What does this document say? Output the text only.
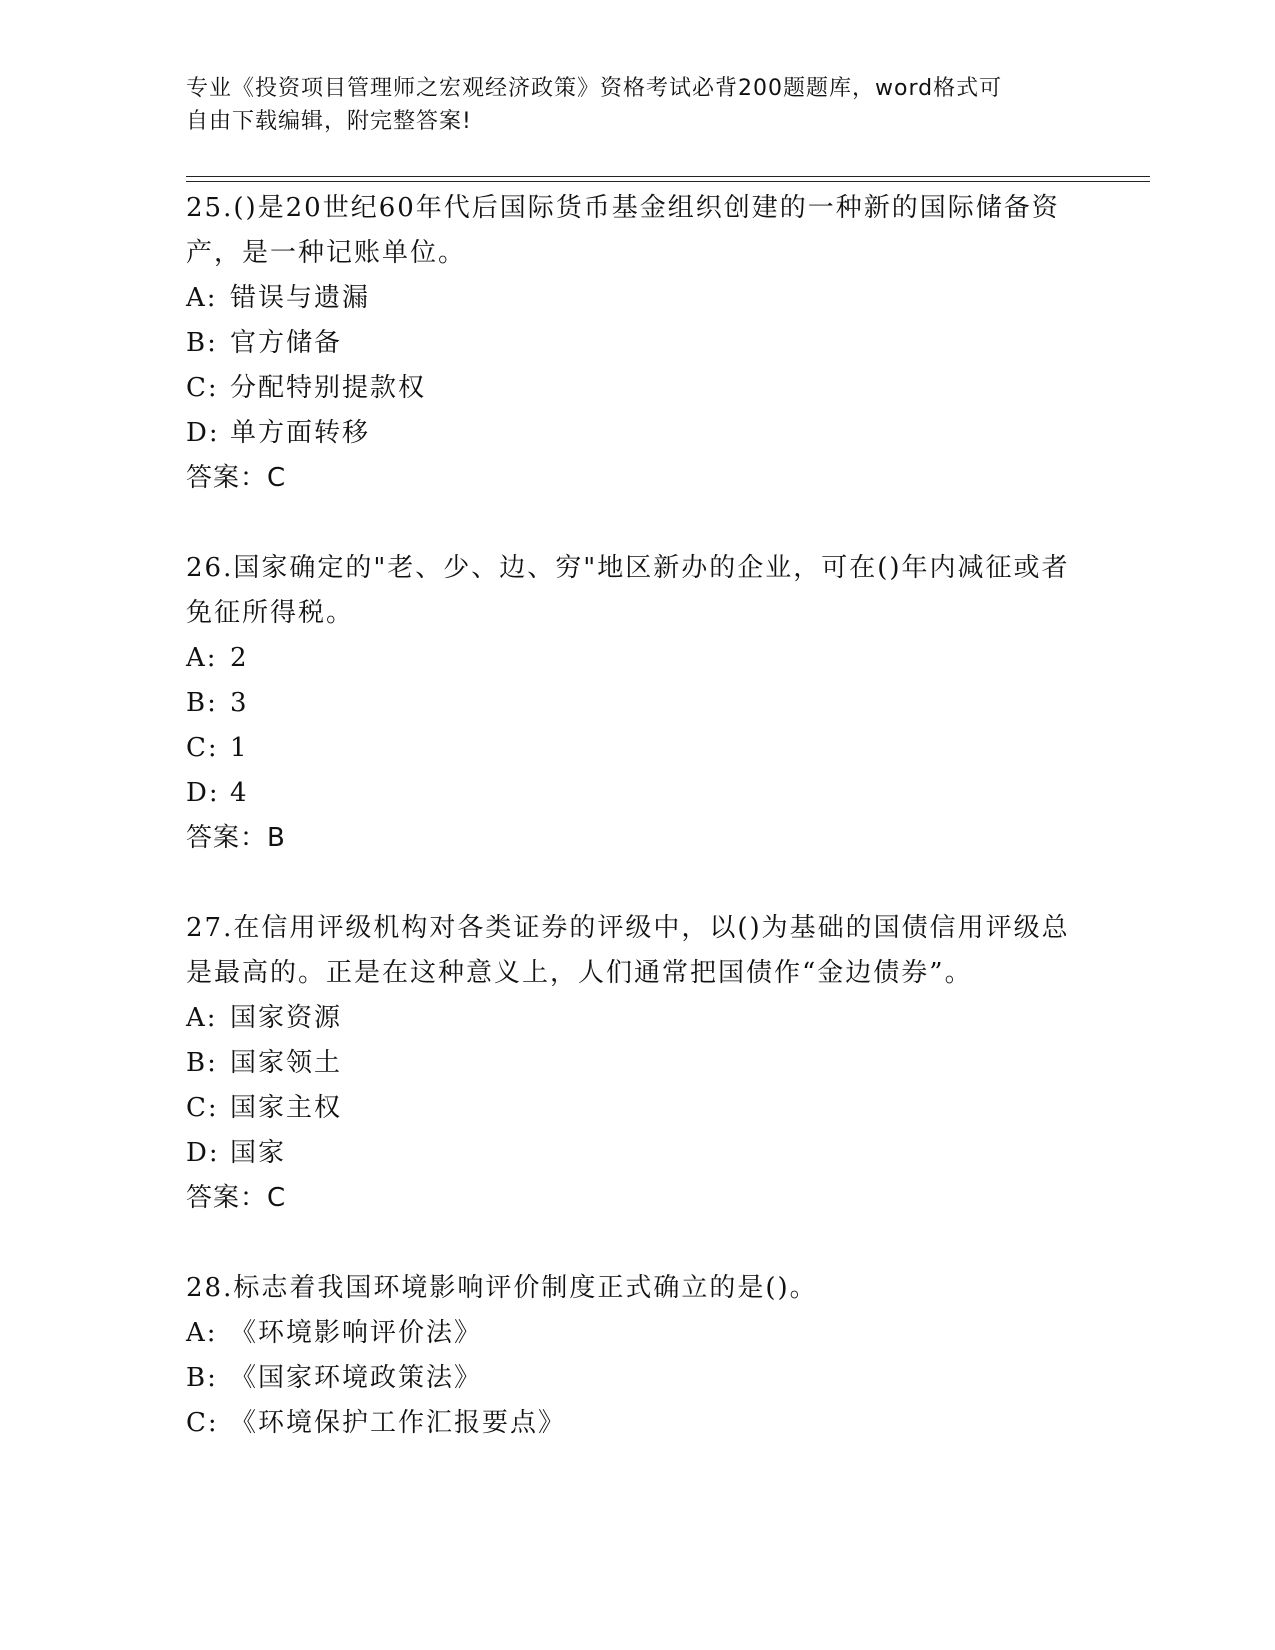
专业《投资项目管理师之宏观经济政策》资格考试必背200题题库，word格式可
自由下载编辑，附完整答案!

25.()是20世纪60年代后国际货币基金组织创建的一种新的国际储备资产，是一种记账单位。

A: 错误与遗漏

B: 官方储备

C: 分配特别提款权

D: 单方面转移

答案：C

26.国家确定的"老、少、边、穷"地区新办的企业，可在()年内减征或者免征所得税。

A: 2

B: 3

C: 1

D: 4

答案：B

27.在信用评级机构对各类证券的评级中，以()为基础的国债信用评级总是最高的。正是在这种意义上，人们通常把国债作“金边债券”。

A: 国家资源

B: 国家领土

C: 国家主权

D: 国家

答案：C

28.标志着我国环境影响评价制度正式确立的是()。

A: 《环境影响评价法》

B: 《国家环境政策法》

C: 《环境保护工作汇报要点》
